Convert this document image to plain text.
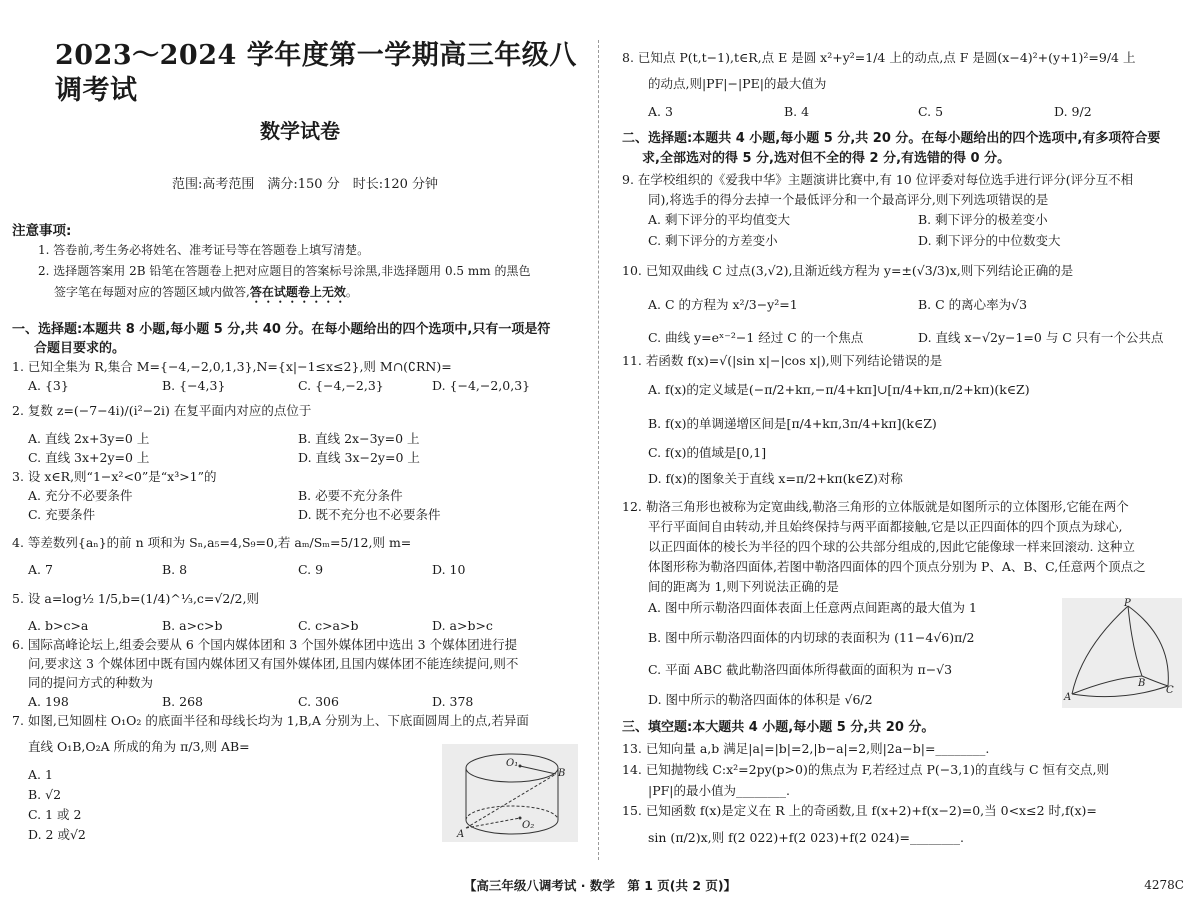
2023～2024 学年度第一学期高三年级八调考试
数学试卷
范围:高考范围　满分:150 分　时长:120 分钟
注意事项:
1. 答卷前,考生务必将姓名、准考证号等在答题卷上填写清楚。
2. 选择题答案用 2B 铅笔在答题卷上把对应题目的答案标号涂黑,非选择题用 0.5 mm 的黑色
签字笔在每题对应的答题区域内做答,答在试题卷上无效。
一、选择题:本题共 8 小题,每小题 5 分,共 40 分。在每小题给出的四个选项中,只有一项是符
合题目要求的。
1. 已知全集为 R,集合 M={−4,−2,0,1,3},N={x|−1≤x≤2},则 M∩(∁RN)=
A. {3}	B. {−4,3}	C. {−4,−2,3}	D. {−4,−2,0,3}
2. 复数 z=(−7−4i)/(i²−2i) 在复平面内对应的点位于
A. 直线 2x+3y=0 上	B. 直线 2x−3y=0 上
C. 直线 3x+2y=0 上	D. 直线 3x−2y=0 上
3. 设 x∈R,则“1−x²<0”是“x³>1”的
A. 充分不必要条件	B. 必要不充分条件
C. 充要条件	D. 既不充分也不必要条件
4. 等差数列{aₙ}的前 n 项和为 Sₙ,a₅=4,S₉=0,若 aₘ/Sₘ=5/12,则 m=
A. 7	B. 8	C. 9	D. 10
5. 设 a=log½ 1/5,b=(1/4)^⅓,c=√2/2,则
A. b>c>a	B. a>c>b	C. c>a>b	D. a>b>c
6. 国际高峰论坛上,组委会要从 6 个国内媒体团和 3 个国外媒体团中选出 3 个媒体团进行提
问,要求这 3 个媒体团中既有国内媒体团又有国外媒体团,且国内媒体团不能连续提问,则不
同的提问方式的种数为
A. 198	B. 268	C. 306	D. 378
7. 如图,已知圆柱 O₁O₂ 的底面半径和母线长均为 1,B,A 分别为上、下底面圆周上的点,若异面
直线 O₁B,O₂A 所成的角为 π/3,则 AB=
A. 1
B. √2
C. 1 或 2
D. 2 或√2
O₁
O₂
A
B
8. 已知点 P(t,t−1),t∈R,点 E 是圆 x²+y²=1/4 上的动点,点 F 是圆(x−4)²+(y+1)²=9/4 上
的动点,则|PF|−|PE|的最大值为
A. 3	B. 4	C. 5	D. 9/2
二、选择题:本题共 4 小题,每小题 5 分,共 20 分。在每小题给出的四个选项中,有多项符合要
求,全部选对的得 5 分,选对但不全的得 2 分,有选错的得 0 分。
9. 在学校组织的《爱我中华》主题演讲比赛中,有 10 位评委对每位选手进行评分(评分互不相
同),将选手的得分去掉一个最低评分和一个最高评分,则下列选项错误的是
A. 剩下评分的平均值变大	B. 剩下评分的极差变小
C. 剩下评分的方差变小	D. 剩下评分的中位数变大
10. 已知双曲线 C 过点(3,√2),且渐近线方程为 y=±(√3/3)x,则下列结论正确的是
A. C 的方程为 x²/3−y²=1	B. C 的离心率为√3
C. 曲线 y=eˣ⁻²−1 经过 C 的一个焦点	D. 直线 x−√2y−1=0 与 C 只有一个公共点
11. 若函数 f(x)=√(|sin x|−|cos x|),则下列结论错误的是
A. f(x)的定义域是(−π/2+kπ,−π/4+kπ]∪[π/4+kπ,π/2+kπ)(k∈Z)
B. f(x)的单调递增区间是[π/4+kπ,3π/4+kπ](k∈Z)
C. f(x)的值域是[0,1]
D. f(x)的图象关于直线 x=π/2+kπ(k∈Z)对称
12. 勒洛三角形也被称为定宽曲线,勒洛三角形的立体版就是如图所示的立体图形,它能在两个
平行平面间自由转动,并且始终保持与两平面都接触,它是以正四面体的四个顶点为球心,
以正四面体的棱长为半径的四个球的公共部分组成的,因此它能像球一样来回滚动. 这种立
体图形称为勒洛四面体,若图中勒洛四面体的四个顶点分别为 P、A、B、C,任意两个顶点之
间的距离为 1,则下列说法正确的是
A. 图中所示勒洛四面体表面上任意两点间距离的最大值为 1
B. 图中所示勒洛四面体的内切球的表面积为 (11−4√6)π/2
C. 平面 ABC 截此勒洛四面体所得截面的面积为 π−√3
D. 图中所示的勒洛四面体的体积是 √6/2
P
A
B
C
三、填空题:本大题共 4 小题,每小题 5 分,共 20 分。
13. 已知向量 a,b 满足|a|=|b|=2,|b−a|=2,则|2a−b|=________.
14. 已知抛物线 C:x²=2py(p>0)的焦点为 F,若经过点 P(−3,1)的直线与 C 恒有交点,则
|PF|的最小值为________.
15. 已知函数 f(x)是定义在 R 上的奇函数,且 f(x+2)+f(x−2)=0,当 0<x≤2 时,f(x)=
sin (π/2)x,则 f(2 022)+f(2 023)+f(2 024)=________.
【高三年级八调考试 · 数学　第 1 页(共 2 页)】	4278C
